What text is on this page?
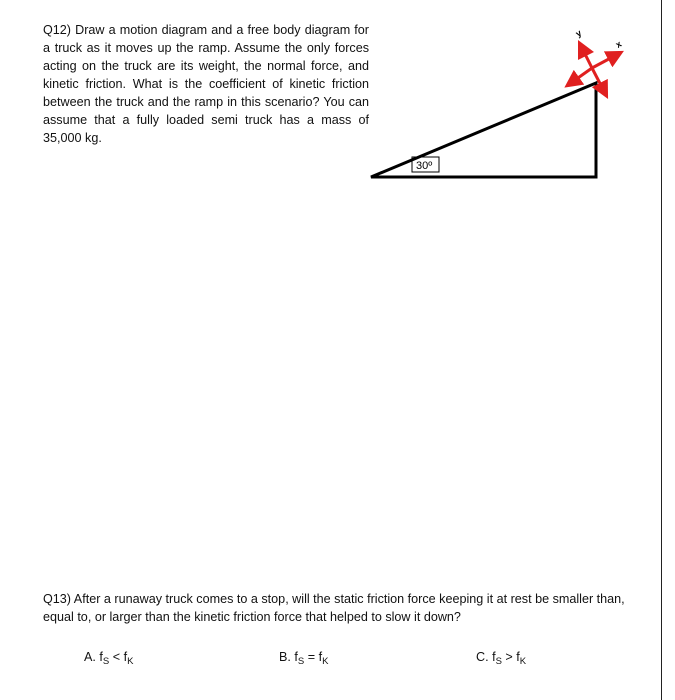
Q12) Draw a motion diagram and a free body diagram for a truck as it moves up the ramp. Assume the only forces acting on the truck are its weight, the normal force, and kinetic friction. What is the coefficient of kinetic friction between the truck and the ramp in this scenario? You can assume that a fully loaded semi truck has a mass of 35,000 kg.
30º
y
x
Q13) After a runaway truck comes to a stop, will the static friction force keeping it at rest be smaller than, equal to, or larger than the kinetic friction force that helped to slow it down?
A. $f_S < f_K$	B. $f_S = f_K$	C. $f_S > f_K$
